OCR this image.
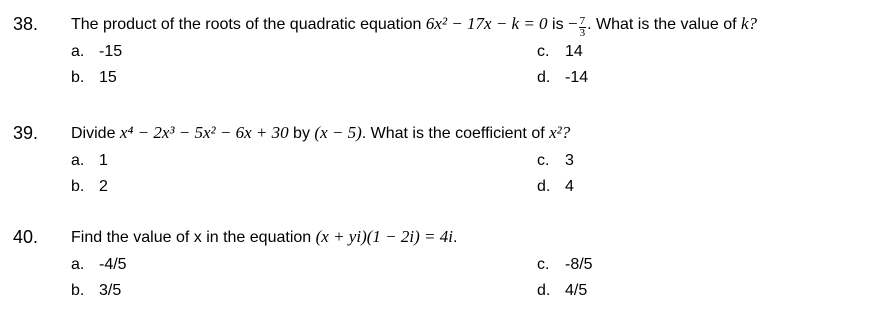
38. The product of the roots of the quadratic equation 6x² − 17x − k = 0 is − $\frac{7}{3}$ . What is the value of k?
a. -15
b. 15
c. 14
d. -14
39. Divide x⁴ − 2x³ − 5x² − 6x + 30 by (x − 5). What is the coefficient of x²?
a. 1
b. 2
c. 3
d. 4
40. Find the value of x in the equation (x + yi)(1 − 2i) = 4i.
a. -4/5
b. 3/5
c. -8/5
d. 4/5
